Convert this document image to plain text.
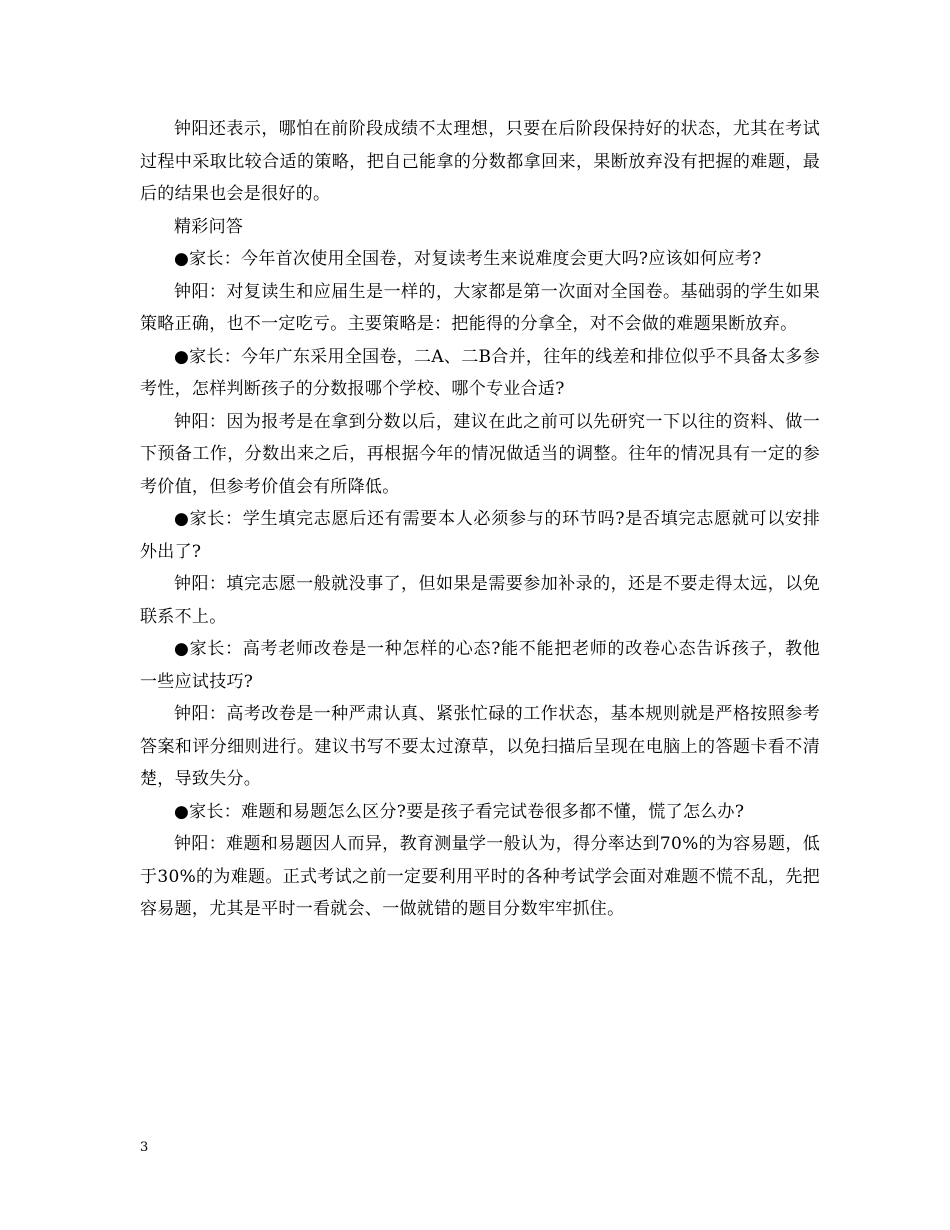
钟阳还表示，哪怕在前阶段成绩不太理想，只要在后阶段保持好的状态，尤其在考试过程中采取比较合适的策略，把自己能拿的分数都拿回来，果断放弃没有把握的难题，最后的结果也会是很好的。

精彩问答

●家长：今年首次使用全国卷，对复读考生来说难度会更大吗?应该如何应考?

钟阳：对复读生和应届生是一样的，大家都是第一次面对全国卷。基础弱的学生如果策略正确，也不一定吃亏。主要策略是：把能得的分拿全，对不会做的难题果断放弃。

●家长：今年广东采用全国卷，二A、二B合并，往年的线差和排位似乎不具备太多参考性，怎样判断孩子的分数报哪个学校、哪个专业合适?

钟阳：因为报考是在拿到分数以后，建议在此之前可以先研究一下以往的资料、做一下预备工作，分数出来之后，再根据今年的情况做适当的调整。往年的情况具有一定的参考价值，但参考价值会有所降低。

●家长：学生填完志愿后还有需要本人必须参与的环节吗?是否填完志愿就可以安排外出了?

钟阳：填完志愿一般就没事了，但如果是需要参加补录的，还是不要走得太远，以免联系不上。

●家长：高考老师改卷是一种怎样的心态?能不能把老师的改卷心态告诉孩子，教他一些应试技巧?

钟阳：高考改卷是一种严肃认真、紧张忙碌的工作状态，基本规则就是严格按照参考答案和评分细则进行。建议书写不要太过潦草，以免扫描后呈现在电脑上的答题卡看不清楚，导致失分。

●家长：难题和易题怎么区分?要是孩子看完试卷很多都不懂，慌了怎么办?

钟阳：难题和易题因人而异，教育测量学一般认为，得分率达到70%的为容易题，低于30%的为难题。正式考试之前一定要利用平时的各种考试学会面对难题不慌不乱，先把容易题，尤其是平时一看就会、一做就错的题目分数牢牢抓住。

3
